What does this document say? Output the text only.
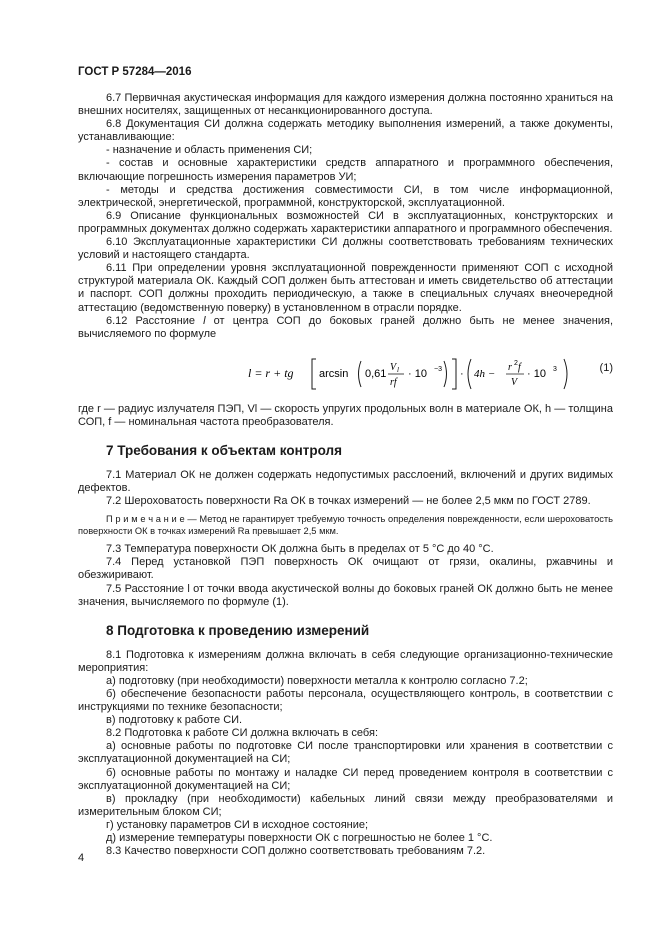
ГОСТ Р 57284—2016

6.7 Первичная акустическая информация для каждого измерения должна постоянно храниться на внешних носителях, защищенных от несанкционированного доступа.

6.8 Документация СИ должна содержать методику выполнения измерений, а также документы, устанавливающие:

- назначение и область применения СИ;

- состав и основные характеристики средств аппаратного и программного обеспечения, включающие погрешность измерения параметров УИ;

- методы и средства достижения совместимости СИ, в том числе информационной, электрической, энергетической, программной, конструкторской, эксплуатационной.

6.9 Описание функциональных возможностей СИ в эксплуатационных, конструкторских и программных документах должно содержать характеристики аппаратного и программного обеспечения.

6.10 Эксплуатационные характеристики СИ должны соответствовать требованиям технических условий и настоящего стандарта.

6.11 При определении уровня эксплуатационной поврежденности применяют СОП с исходной структурой материала ОК. Каждый СОП должен быть аттестован и иметь свидетельство об аттестации и паспорт. СОП должны проходить периодическую, а также в специальных случаях внеочередной аттестацию (ведомственную поверку) в установленном в отрасли порядке.

6.12 Расстояние l от центра СОП до боковых граней должно быть не менее значения, вычисляемого по формуле

l = r + tg arcsin 0,61
V l
rf
· 10 −3 · 4h −
r 2 f
V
· 10 3	(1)

где r — радиус излучателя ПЭП, Vl — скорость упругих продольных волн в материале ОК, h — толщина СОП, f — номинальная частота преобразователя.

7 Требования к объектам контроля

7.1 Материал ОК не должен содержать недопустимых расслоений, включений и других видимых дефектов.

7.2 Шероховатость поверхности Ra ОК в точках измерений — не более 2,5 мкм по ГОСТ 2789.

П р и м е ч а н и е — Метод не гарантирует требуемую точность определения поврежденности, если шероховатость поверхности ОК в точках измерений Ra превышает 2,5 мкм.

7.3 Температура поверхности ОК должна быть в пределах от 5 °С до 40 °С.

7.4 Перед установкой ПЭП поверхность ОК очищают от грязи, окалины, ржавчины и обезжиривают.

7.5 Расстояние l от точки ввода акустической волны до боковых граней ОК должно быть не менее значения, вычисляемого по формуле (1).

8 Подготовка к проведению измерений

8.1 Подготовка к измерениям должна включать в себя следующие организационно-технические мероприятия:

а) подготовку (при необходимости) поверхности металла к контролю согласно 7.2;

б) обеспечение безопасности работы персонала, осуществляющего контроль, в соответствии с инструкциями по технике безопасности;

в) подготовку к работе СИ.

8.2 Подготовка к работе СИ должна включать в себя:

а) основные работы по подготовке СИ после транспортировки или хранения в соответствии с эксплуатационной документацией на СИ;

б) основные работы по монтажу и наладке СИ перед проведением контроля в соответствии с эксплуатационной документацией на СИ;

в) прокладку (при необходимости) кабельных линий связи между преобразователями и измерительным блоком СИ;

г) установку параметров СИ в исходное состояние;

д) измерение температуры поверхности ОК с погрешностью не более 1 °С.

8.3 Качество поверхности СОП должно соответствовать требованиям 7.2.

4
